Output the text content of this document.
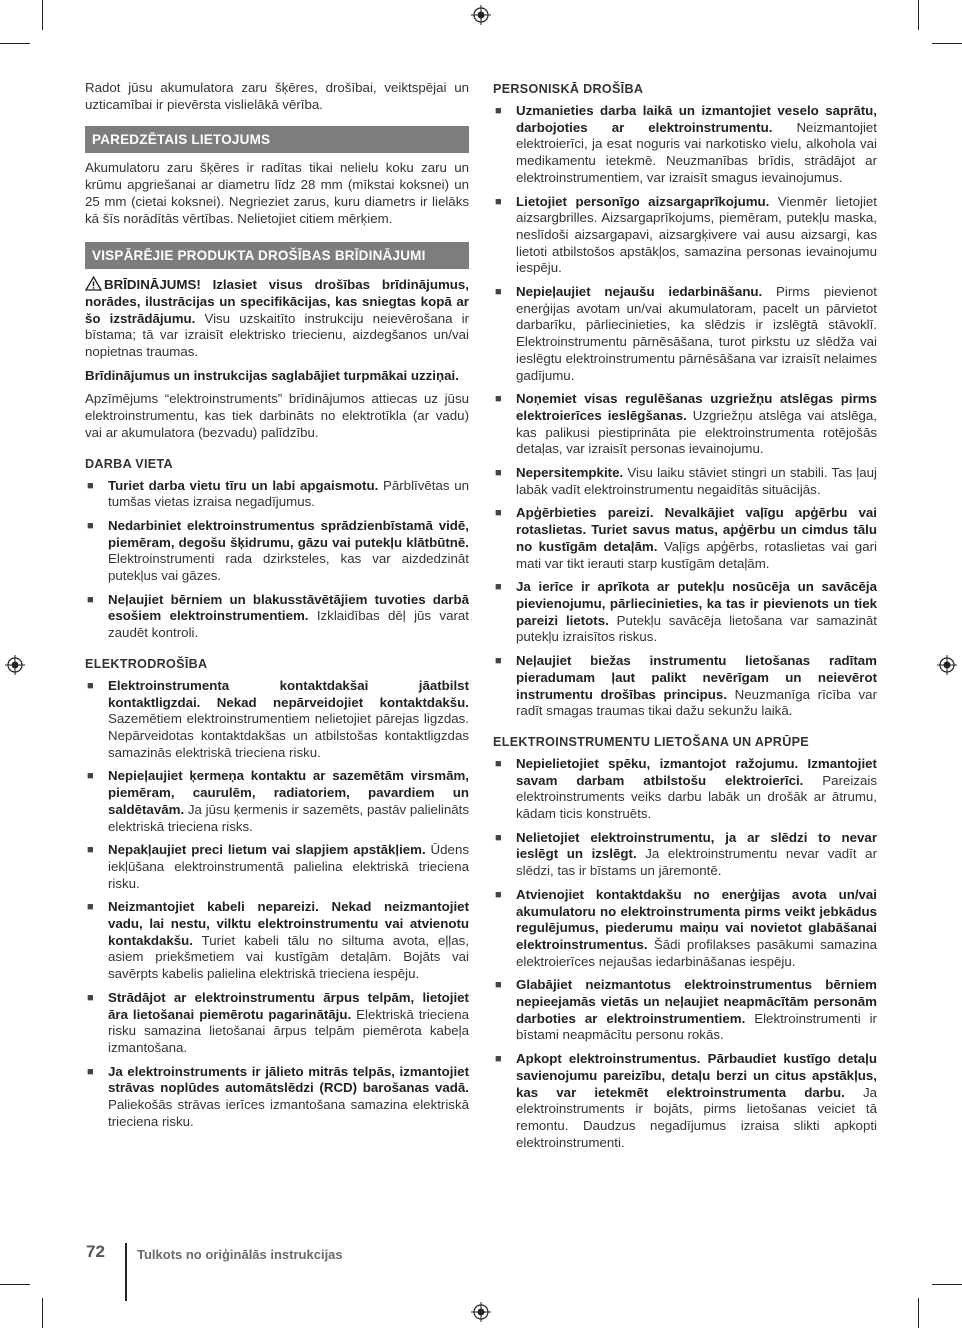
Radot jūsu akumulatora zaru šķēres, drošībai, veiktspējai un uzticamībai ir pievērsta vislielākā vērība.

PAREDZĒTAIS LIETOJUMS

Akumulatoru zaru šķēres ir radītas tikai nelielu koku zaru un krūmu apgriešanai ar diametru līdz 28 mm (mīkstai koksnei) un 25 mm (cietai koksnei). Negrieziet zarus, kuru diametrs ir lielāks kā šīs norādītās vērtības. Nelietojiet citiem mērķiem.

VISPĀRĒJIE PRODUKTA DROŠĪBAS BRĪDINĀJUMI

BRĪDINĀJUMS! Izlasiet visus drošības brīdinājumus, norādes, ilustrācijas un specifikācijas, kas sniegtas kopā ar šo izstrādājumu. Visu uzskaitīto instrukciju neievērošana ir bīstama; tā var izraisīt elektrisko triecienu, aizdegšanos un/vai nopietnas traumas.

Brīdinājumus un instrukcijas saglabājiet turpmākai uzziņai.

Apzīmējums “elektroinstruments” brīdinājumos attiecas uz jūsu elektroinstrumentu, kas tiek darbināts no elektrotīkla (ar vadu) vai ar akumulatora (bezvadu) palīdzību.

DARBA VIETA
■ Turiet darba vietu tīru un labi apgaismotu. Pārblīvētas un tumšas vietas izraisa negadījumus.
■ Nedarbiniet elektroinstrumentus sprādzienbīstamā vidē, piemēram, degošu šķidrumu, gāzu vai putekļu klātbūtnē. Elektroinstrumenti rada dzirksteles, kas var aizdedzināt putekļus vai gāzes.
■ Neļaujiet bērniem un blakusstāvētājiem tuvoties darbā esošiem elektroinstrumentiem. Izklaidības dēļ jūs varat zaudēt kontroli.
ELEKTRODROŠĪBA
■ Elektroinstrumenta kontaktdakšai jāatbilst kontaktligzdai. Nekad nepārveidojiet kontaktdakšu. Sazemētiem elektroinstrumentiem nelietojiet pārejas ligzdas. Nepārveidotas kontaktdakšas un atbilstošas kontaktligzdas samazinās elektriskā trieciena risku.
■ Nepieļaujiet ķermeņa kontaktu ar sazemētām virsmām, piemēram, caurulēm, radiatoriem, pavardiem un saldētavām. Ja jūsu ķermenis ir sazemēts, pastāv palielināts elektriskā trieciena risks.
■ Nepakļaujiet preci lietum vai slapjiem apstākļiem. Ūdens iekļūšana elektroinstrumentā palielina elektriskā trieciena risku.
■ Neizmantojiet kabeli nepareizi. Nekad neizmantojiet vadu, lai nestu, vilktu elektroinstrumentu vai atvienotu kontakdakšu. Turiet kabeli tālu no siltuma avota, eļļas, asiem priekšmetiem vai kustīgām detaļām. Bojāts vai savērpts kabelis palielina elektriskā trieciena iespēju.
■ Strādājot ar elektroinstrumentu ārpus telpām, lietojiet āra lietošanai piemērotu pagarinātāju. Elektriskā trieciena risku samazina lietošanai ārpus telpām piemērota kabeļa izmantošana.
■ Ja elektroinstruments ir jālieto mitrās telpās, izmantojiet strāvas noplūdes automātslēdzi (RCD) barošanas vadā. Paliekošās strāvas ierīces izmantošana samazina elektriskā trieciena risku.
PERSONISKĀ DROŠĪBA
■ Uzmanieties darba laikā un izmantojiet veselo saprātu, darbojoties ar elektroinstrumentu. Neizmantojiet elektroierīci, ja esat noguris vai narkotisko vielu, alkohola vai medikamentu ietekmē. Neuzmanības brīdis, strādājot ar elektroinstrumentiem, var izraisīt smagus ievainojumus.
■ Lietojiet personīgo aizsargaprīkojumu. Vienmēr lietojiet aizsargbrilles. Aizsargaprīkojums, piemēram, putekļu maska, neslīdoši aizsargapavi, aizsargķivere vai ausu aizsargi, kas lietoti atbilstošos apstākļos, samazina personas ievainojumu iespēju.
■ Nepieļaujiet nejaušu iedarbināšanu. Pirms pievienot enerģijas avotam un/vai akumulatoram, pacelt un pārvietot darbarīku, pārliecinieties, ka slēdzis ir izslēgtā stāvoklī. Elektroinstrumentu pārnēsāšana, turot pirkstu uz slēdža vai ieslēgtu elektroinstrumentu pārnēsāšana var izraisīt nelaimes gadījumu.
■ Noņemiet visas regulēšanas uzgriežņu atslēgas pirms elektroierīces ieslēgšanas. Uzgriežņu atslēga vai atslēga, kas palikusi piestiprināta pie elektroinstrumenta rotējošās detaļas, var izraisīt personas ievainojumu.
■ Nepersitempkite. Visu laiku stāviet stingri un stabili. Tas ļauj labāk vadīt elektroinstrumentu negaidītās situācijās.
■ Apģērbieties pareizi. Nevalkājiet vaļīgu apģērbu vai rotaslietas. Turiet savus matus, apģērbu un cimdus tālu no kustīgām detaļām. Vaļīgs apģērbs, rotaslietas vai gari mati var tikt ierauti starp kustīgām detaļām.
■ Ja ierīce ir aprīkota ar putekļu nosūcēja un savācēja pievienojumu, pārliecinieties, ka tas ir pievienots un tiek pareizi lietots. Putekļu savācēja lietošana var samazināt putekļu izraisītos riskus.
■ Neļaujiet biežas instrumentu lietošanas radītam pieradumam ļaut palikt nevērīgam un neievērot instrumentu drošības principus. Neuzmanīga rīcība var radīt smagas traumas tikai dažu sekunžu laikā.
ELEKTROINSTRUMENTU LIETOŠANA UN APRŪPE
■ Nepielietojiet spēku, izmantojot ražojumu. Izmantojiet savam darbam atbilstošu elektroierīci. Pareizais elektroinstruments veiks darbu labāk un drošāk ar ātrumu, kādam ticis konstruēts.
■ Nelietojiet elektroinstrumentu, ja ar slēdzi to nevar ieslēgt un izslēgt. Ja elektroinstrumentu nevar vadīt ar slēdzi, tas ir bīstams un jāremontē.
■ Atvienojiet kontaktdakšu no enerģijas avota un/vai akumulatoru no elektroinstrumenta pirms veikt jebkādus regulējumus, piederumu maiņu vai novietot glabāšanai elektroinstrumentus. Šādi profilakses pasākumi samazina elektroierīces nejaušas iedarbināšanas iespēju.
■ Glabājiet neizmantotus elektroinstrumentus bērniem nepieejamās vietās un neļaujiet neapmācītām personām darboties ar elektroinstrumentiem. Elektroinstrumenti ir bīstami neapmācītu personu rokās.
■ Apkopt elektroinstrumentus. Pārbaudiet kustīgo detaļu savienojumu pareizību, detaļu berzi un citus apstākļus, kas var ietekmēt elektroinstrumenta darbu. Ja elektroinstruments ir bojāts, pirms lietošanas veiciet tā remontu. Daudzus negadījumus izraisa slikti apkopti elektroinstrumenti.
72 Tulkots no oriģinālās instrukcijas
